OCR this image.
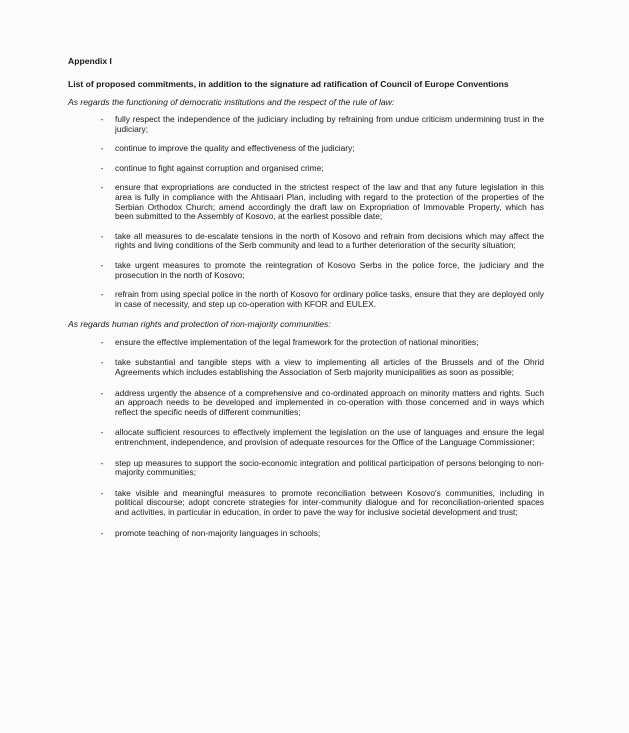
Appendix I
List of proposed commitments, in addition to the signature ad ratification of Council of Europe Conventions
As regards the functioning of democratic institutions and the respect of the rule of law:
-	fully respect the independence of the judiciary including by refraining from undue criticism undermining trust in the judiciary;
-	continue to improve the quality and effectiveness of the judiciary;
-	continue to fight against corruption and organised crime;
-	ensure that expropriations are conducted in the strictest respect of the law and that any future legislation in this area is fully in compliance with the Ahtisaari Plan, including with regard to the protection of the properties of the Serbian Orthodox Church; amend accordingly the draft law on Expropriation of Immovable Property, which has been submitted to the Assembly of Kosovo, at the earliest possible date;
-	take all measures to de-escalate tensions in the north of Kosovo and refrain from decisions which may affect the rights and living conditions of the Serb community and lead to a further deterioration of the security situation;
-	take urgent measures to promote the reintegration of Kosovo Serbs in the police force, the judiciary and the prosecution in the north of Kosovo;
-	refrain from using special police in the north of Kosovo for ordinary police tasks, ensure that they are deployed only in case of necessity, and step up co-operation with KFOR and EULEX.
As regards human rights and protection of non-majority communities:
-	ensure the effective implementation of the legal framework for the protection of national minorities;
-	take substantial and tangible steps with a view to implementing all articles of the Brussels and of the Ohrid Agreements which includes establishing the Association of Serb majority municipalities as soon as possible;
-	address urgently the absence of a comprehensive and co-ordinated approach on minority matters and rights. Such an approach needs to be developed and implemented in co-operation with those concerned and in ways which reflect the specific needs of different communities;
-	allocate sufficient resources to effectively implement the legislation on the use of languages and ensure the legal entrenchment, independence, and provision of adequate resources for the Office of the Language Commissioner;
-	step up measures to support the socio-economic integration and political participation of persons belonging to non-majority communities;
-	take visible and meaningful measures to promote reconciliation between Kosovo's communities, including in political discourse; adopt concrete strategies for inter-community dialogue and for reconciliation-oriented spaces and activities, in particular in education, in order to pave the way for inclusive societal development and trust;
-	promote teaching of non-majority languages in schools;
